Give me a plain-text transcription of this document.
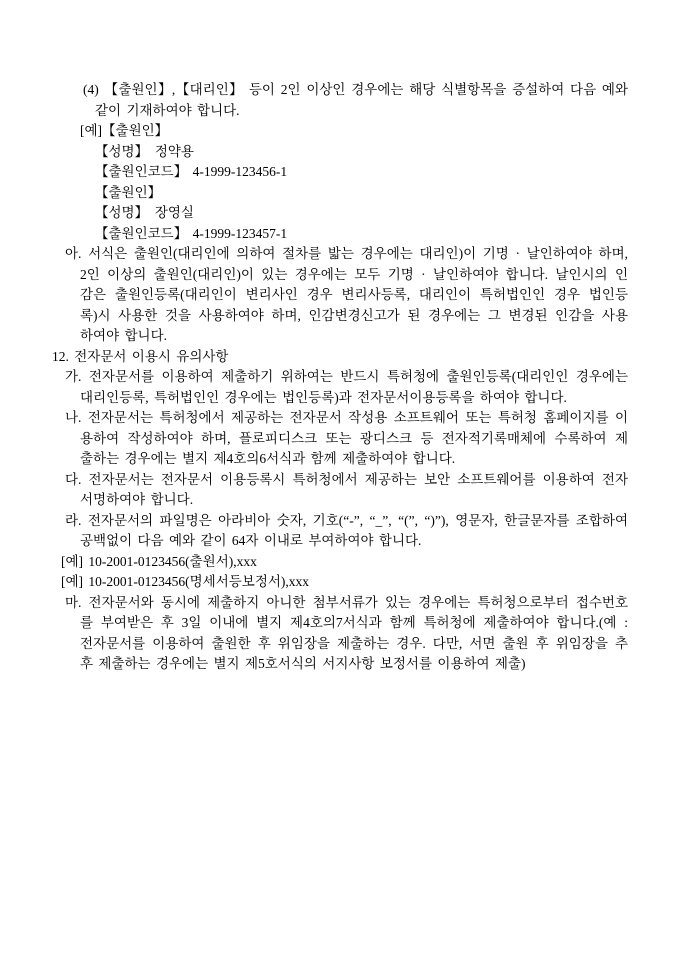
(4) 【출원인】,【대리인】 등이 2인 이상인 경우에는 해당 식별항목을 증설하여 다음 예와
같이 기재하여야 합니다.
[예]【출원인】
【성명】　정약용
【출원인코드】 4-1999-123456-1
【출원인】
【성명】　장영실
【출원인코드】 4-1999-123457-1
아. 서식은 출원인(대리인에 의하여 절차를 밟는 경우에는 대리인)이 기명 · 날인하여야 하며,
2인 이상의 출원인(대리인)이 있는 경우에는 모두 기명 · 날인하여야 합니다. 날인시의 인
감은 출원인등록(대리인이 변리사인 경우 변리사등록, 대리인이 특허법인인 경우 법인등
록)시 사용한 것을 사용하여야 하며, 인감변경신고가 된 경우에는 그 변경된 인감을 사용
하여야 합니다.
12. 전자문서 이용시 유의사항
가. 전자문서를 이용하여 제출하기 위하여는 반드시 특허청에 출원인등록(대리인인 경우에는
대리인등록, 특허법인인 경우에는 법인등록)과 전자문서이용등록을 하여야 합니다.
나. 전자문서는 특허청에서 제공하는 전자문서 작성용 소프트웨어 또는 특허청 홈페이지를 이
용하여 작성하여야 하며, 플로피디스크 또는 광디스크 등 전자적기록매체에 수록하여 제
출하는 경우에는 별지 제4호의6서식과 함께 제출하여야 합니다.
다. 전자문서는 전자문서 이용등록시 특허청에서 제공하는 보안 소프트웨어를 이용하여 전자
서명하여야 합니다.
라. 전자문서의 파일명은 아라비아 숫자, 기호(“-”, “_”, “(”, “)”), 영문자, 한글문자를 조합하여
공백없이 다음 예와 같이 64자 이내로 부여하여야 합니다.
[예] 10-2001-0123456(출원서),xxx
[예] 10-2001-0123456(명세서등보정서),xxx
마. 전자문서와 동시에 제출하지 아니한 첨부서류가 있는 경우에는 특허청으로부터 접수번호
를 부여받은 후 3일 이내에 별지 제4호의7서식과 함께 특허청에 제출하여야 합니다.(예 :
전자문서를 이용하여 출원한 후 위임장을 제출하는 경우. 다만, 서면 출원 후 위임장을 추
후 제출하는 경우에는 별지 제5호서식의 서지사항 보정서를 이용하여 제출)
